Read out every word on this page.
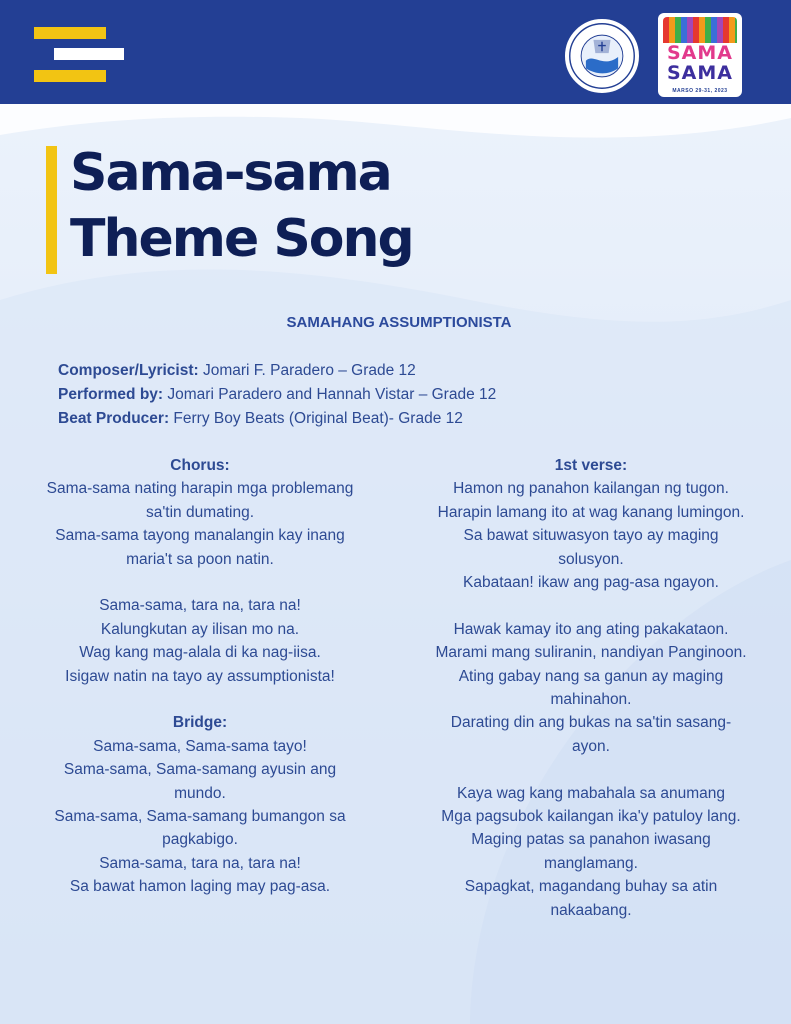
SAMA
SAMA
MARSO 29-31, 2023
Sama-sama
Theme Song
SAMAHANG ASSUMPTIONISTA
Composer/Lyricist: Jomari F. Paradero – Grade 12
Performed by: Jomari Paradero and Hannah Vistar – Grade 12
Beat Producer: Ferry Boy Beats (Original Beat)- Grade 12
Chorus:
Sama-sama nating harapin mga problemang
sa'tin dumating.
Sama-sama tayong manalangin kay inang
maria't sa poon natin.
Sama-sama, tara na, tara na!
Kalungkutan ay ilisan mo na.
Wag kang mag-alala di ka nag-iisa.
Isigaw natin na tayo ay assumptionista!
Bridge:
Sama-sama, Sama-sama tayo!
Sama-sama, Sama-samang ayusin ang
mundo.
Sama-sama, Sama-samang bumangon sa
pagkabigo.
Sama-sama, tara na, tara na!
Sa bawat hamon laging may pag-asa.
1st verse:
Hamon ng panahon kailangan ng tugon.
Harapin lamang ito at wag kanang lumingon.
Sa bawat situwasyon tayo ay maging
solusyon.
Kabataan! ikaw ang pag-asa ngayon.
Hawak kamay ito ang ating pakakataon.
Marami mang suliranin, nandiyan Panginoon.
Ating gabay nang sa ganun ay maging
mahinahon.
Darating din ang bukas na sa'tin sasang-
ayon.
Kaya wag kang mabahala sa anumang
Mga pagsubok kailangan ika'y patuloy lang.
Maging patas sa panahon iwasang
manglamang.
Sapagkat, magandang buhay sa atin
nakaabang.
